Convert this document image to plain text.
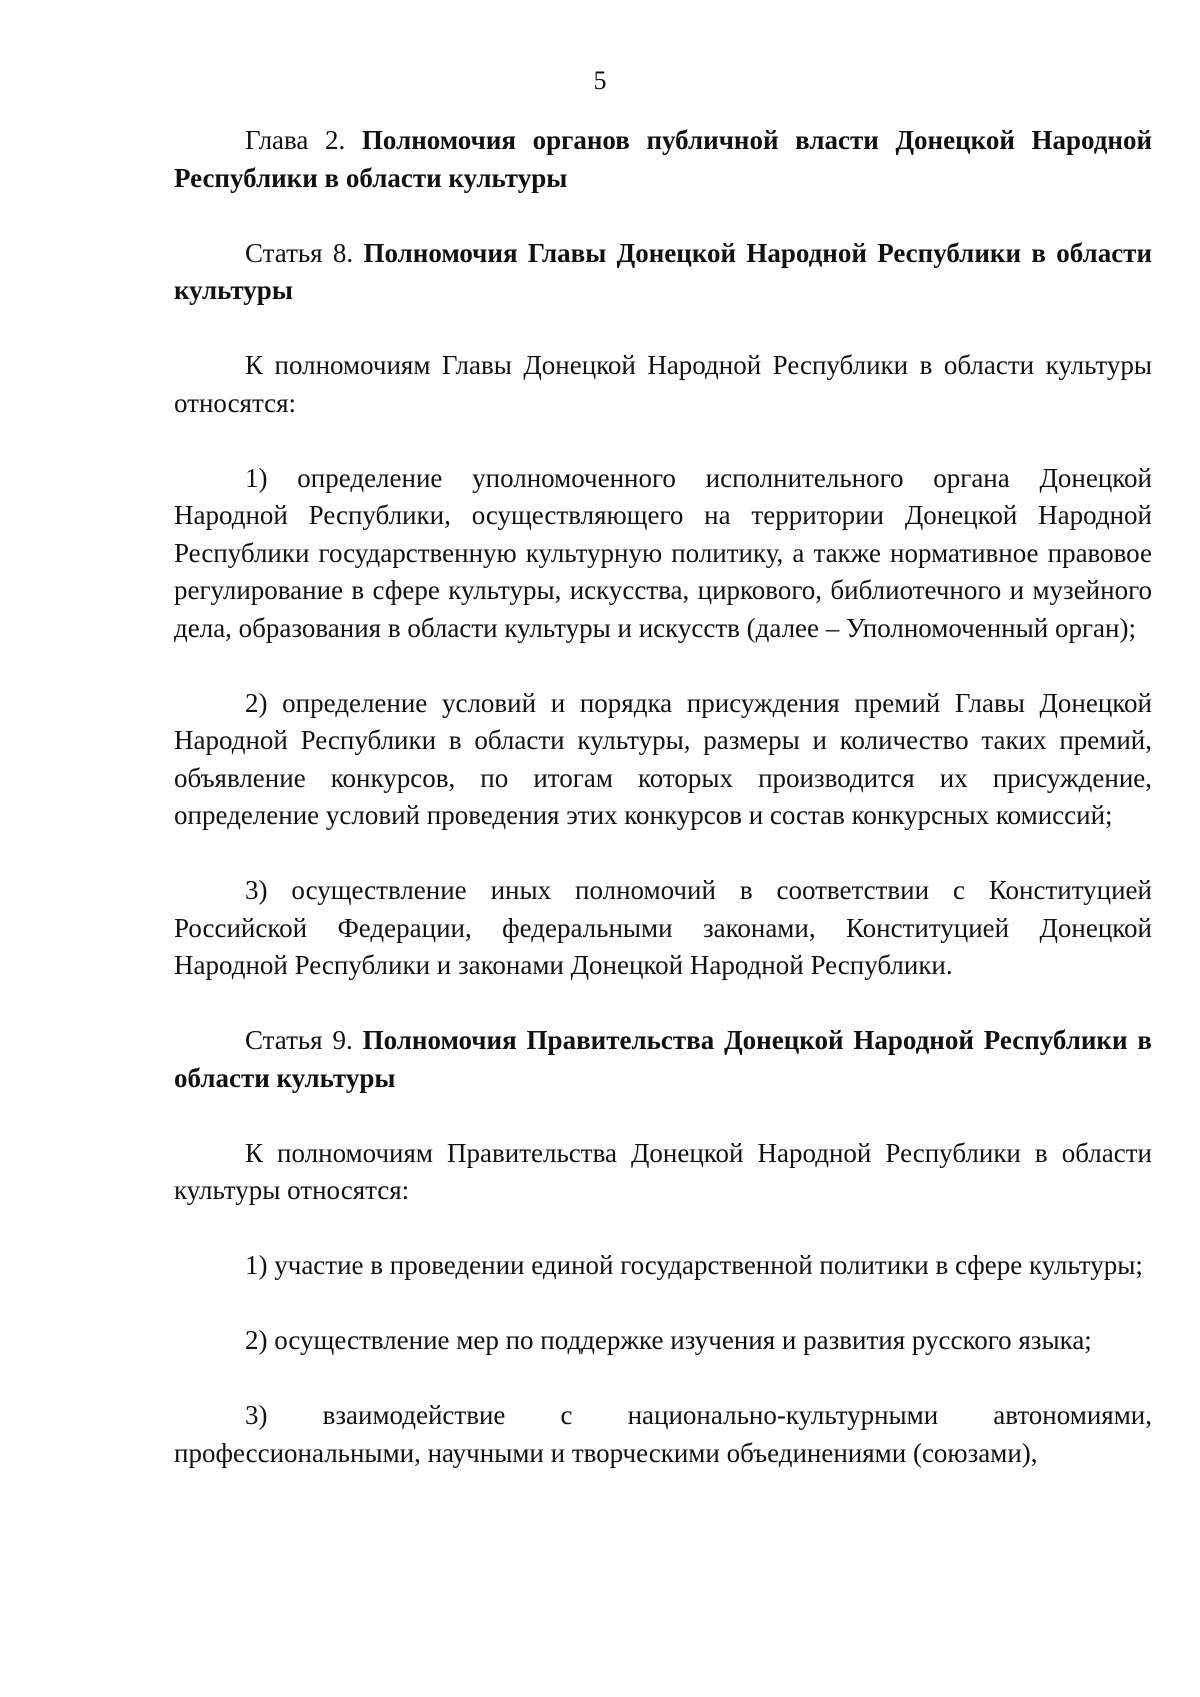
5

Глава 2. Полномочия органов публичной власти Донецкой Народной Республики в области культуры

Статья 8. Полномочия Главы Донецкой Народной Республики в области культуры

К полномочиям Главы Донецкой Народной Республики в области культуры относятся:

1) определение уполномоченного исполнительного органа Донецкой Народной Республики, осуществляющего на территории Донецкой Народной Республики государственную культурную политику, а также нормативное правовое регулирование в сфере культуры, искусства, циркового, библиотечного и музейного дела, образования в области культуры и искусств (далее – Уполномоченный орган);

2) определение условий и порядка присуждения премий Главы Донецкой Народной Республики в области культуры, размеры и количество таких премий, объявление конкурсов, по итогам которых производится их присуждение, определение условий проведения этих конкурсов и состав конкурсных комиссий;

3) осуществление иных полномочий в соответствии с Конституцией Российской Федерации, федеральными законами, Конституцией Донецкой Народной Республики и законами Донецкой Народной Республики.

Статья 9. Полномочия Правительства Донецкой Народной Республики в области культуры

К полномочиям Правительства Донецкой Народной Республики в области культуры относятся:

1) участие в проведении единой государственной политики в сфере культуры;

2) осуществление мер по поддержке изучения и развития русского языка;

3) взаимодействие с национально-культурными автономиями, профессиональными, научными и творческими объединениями (союзами),
